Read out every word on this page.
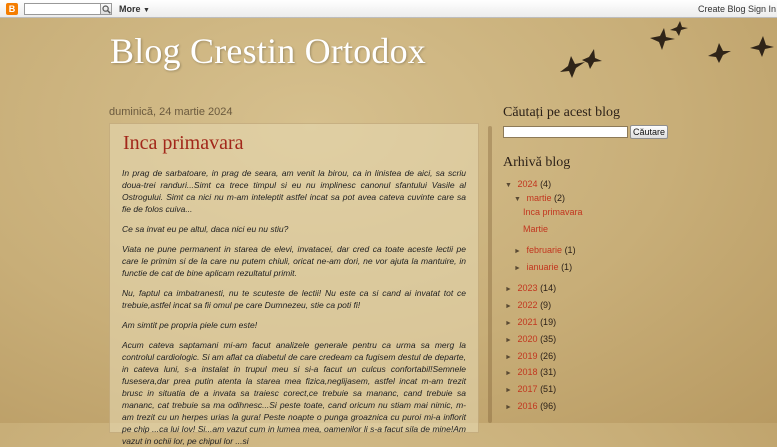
B	More ▼	Create Blog Sign In
Blog Crestin Ortodox
duminică, 24 martie 2024
Inca primavara

In prag de sarbatoare, in prag de seara, am venit la birou, ca in linistea de aici, sa scriu doua-trei randuri...Simt ca trece timpul si eu nu implinesc canonul sfantului Vasile al Ostrogului. Simt ca nici nu m-am inteleptit astfel incat sa pot avea cateva cuvinte care sa fie de folos cuiva...

Ce sa invat eu pe altul, daca nici eu nu stiu?

Viata ne pune permanent in starea de elevi, invatacei, dar cred ca toate aceste lectii pe care le primim si de la care nu putem chiuli, oricat ne-am dori, ne vor ajuta la mantuire, in functie de cat de bine aplicam rezultatul primit.

Nu, faptul ca imbatranesti, nu te scuteste de lectii! Nu este ca si cand ai invatat tot ce trebuie,astfel incat sa fii omul pe care Dumnezeu, stie ca poti fi!

Am simtit pe propria piele cum este!

Acum cateva saptamani mi-am facut analizele generale pentru ca urma sa merg la controlul cardiologic. Si am aflat ca diabetul de care credeam ca fugisem destul de departe, in cateva luni, s-a instalat in trupul meu si si-a facut un culcus confortabil!Semnele fusesera,dar prea putin atenta la starea mea fizica,neglijasem, astfel incat m-am trezit brusc in situatia de a invata sa traiesc corect,ce trebuie sa mananc, cand trebuie sa mananc, cat trebuie sa ma odihnesc...Si peste toate, cand oricum nu stiam mai nimic, m-am trezit cu un herpes urias la gura! Peste noapte o pungа groaznica cu puroi mi-a inflorit pe chip ...ca lui Iov! Si...am vazut cum in lumea mea, oamenilor li s-a facut sila de mine!Am vazut in ochii lor, pe chipul lor ...si

Căutați pe acest blog
Căutare
Arhivă blog
▼ 2024 (4)
▼ martie (2)
Inca primavara
Martie
► februarie (1)
► ianuarie (1)
► 2023 (14)
► 2022 (9)
► 2021 (19)
► 2020 (35)
► 2019 (26)
► 2018 (31)
► 2017 (51)
► 2016 (96)
